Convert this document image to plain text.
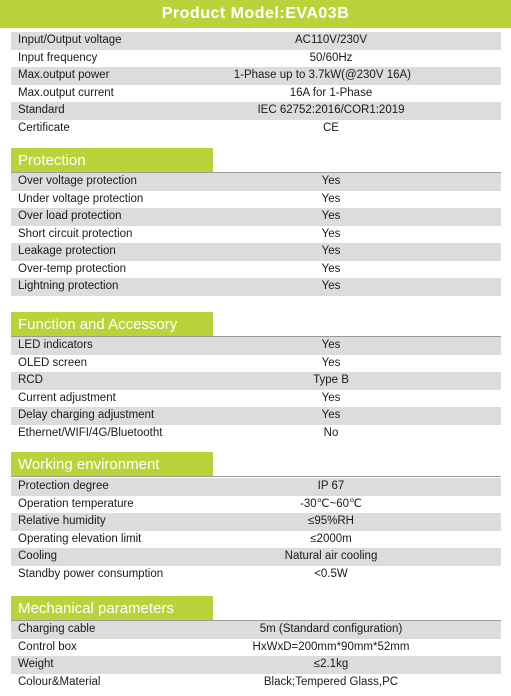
Product Model:EVA03B
Input/Output voltage	AC110V/230V
Input frequency	50/60Hz
Max.output power	1-Phase up to 3.7kW(@230V 16A)
Max.output current	16A for 1-Phase
Standard	IEC 62752:2016/COR1:2019
Certificate	CE
Protection
Over voltage protection	Yes
Under voltage protection	Yes
Over load protection	Yes
Short circuit protection	Yes
Leakage protection	Yes
Over-temp protection	Yes
Lightning protection	Yes
Function and Accessory
LED indicators	Yes
OLED screen	Yes
RCD	Type B
Current adjustment	Yes
Delay charging adjustment	Yes
Ethernet/WIFI/4G/Bluetootht	No
Working environment
Protection degree	IP 67
Operation temperature	-30℃~60℃
Relative humidity	≤95%RH
Operating elevation limit	≤2000m
Cooling	Natural air cooling
Standby power consumption	<0.5W
Mechanical parameters
Charging cable	5m (Standard configuration)
Control box	HxWxD=200mm*90mm*52mm
Weight	≤2.1kg
Colour&Material	Black;Tempered Glass,PC
